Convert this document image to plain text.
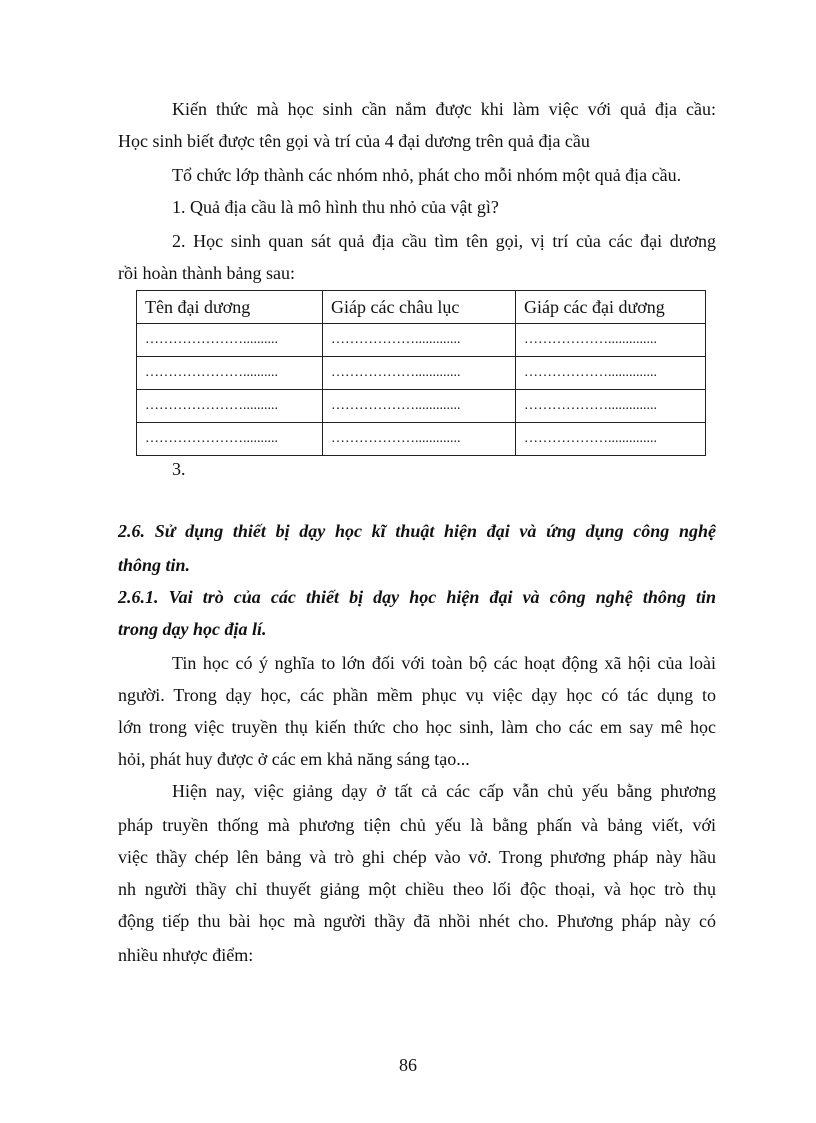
Kiến thức mà học sinh cần nắm được khi làm việc với quả địa cầu:
Học sinh biết được tên gọi và trí của 4 đại dương trên quả địa cầu
Tổ chức lớp thành các nhóm nhỏ, phát cho mỗi nhóm một quả địa cầu.
1. Quả địa cầu là mô hình thu nhỏ của vật gì?
2. Học sinh quan sát quả địa cầu tìm tên gọi, vị trí của các đại dương
rồi hoàn thành bảng sau:
Tên đại dương	Giáp các châu lục	Giáp các đại dương
…………………..........	……………….............	………………..............
…………………..........	……………….............	………………..............
…………………..........	……………….............	………………..............
…………………..........	……………….............	………………..............
3.
2.6. Sử dụng thiết bị dạy học kĩ thuật hiện đại và ứng dụng công nghệ
thông tin.
2.6.1. Vai trò của các thiết bị dạy học hiện đại và công nghệ thông tin
trong dạy học địa lí.
Tin học có ý nghĩa to lớn đối với toàn bộ các hoạt động xã hội của loài
người. Trong dạy học, các phần mềm phục vụ việc dạy học có tác dụng to
lớn trong việc truyền thụ kiến thức cho học sinh, làm cho các em say mê học
hỏi, phát huy được ở các em khả năng sáng tạo...
Hiện nay, việc giảng dạy ở tất cả các cấp vẫn chủ yếu bằng phương
pháp truyền thống mà phương tiện chủ yếu là bằng phấn và bảng viết, với
việc thầy chép lên bảng và trò ghi chép vào vở. Trong phương pháp này hầu
nh người thầy chỉ thuyết giảng một chiều theo lối độc thoại, và học trò thụ
động tiếp thu bài học mà người thầy đã nhồi nhét cho. Phương pháp này có
nhiều nhược điểm:
86
